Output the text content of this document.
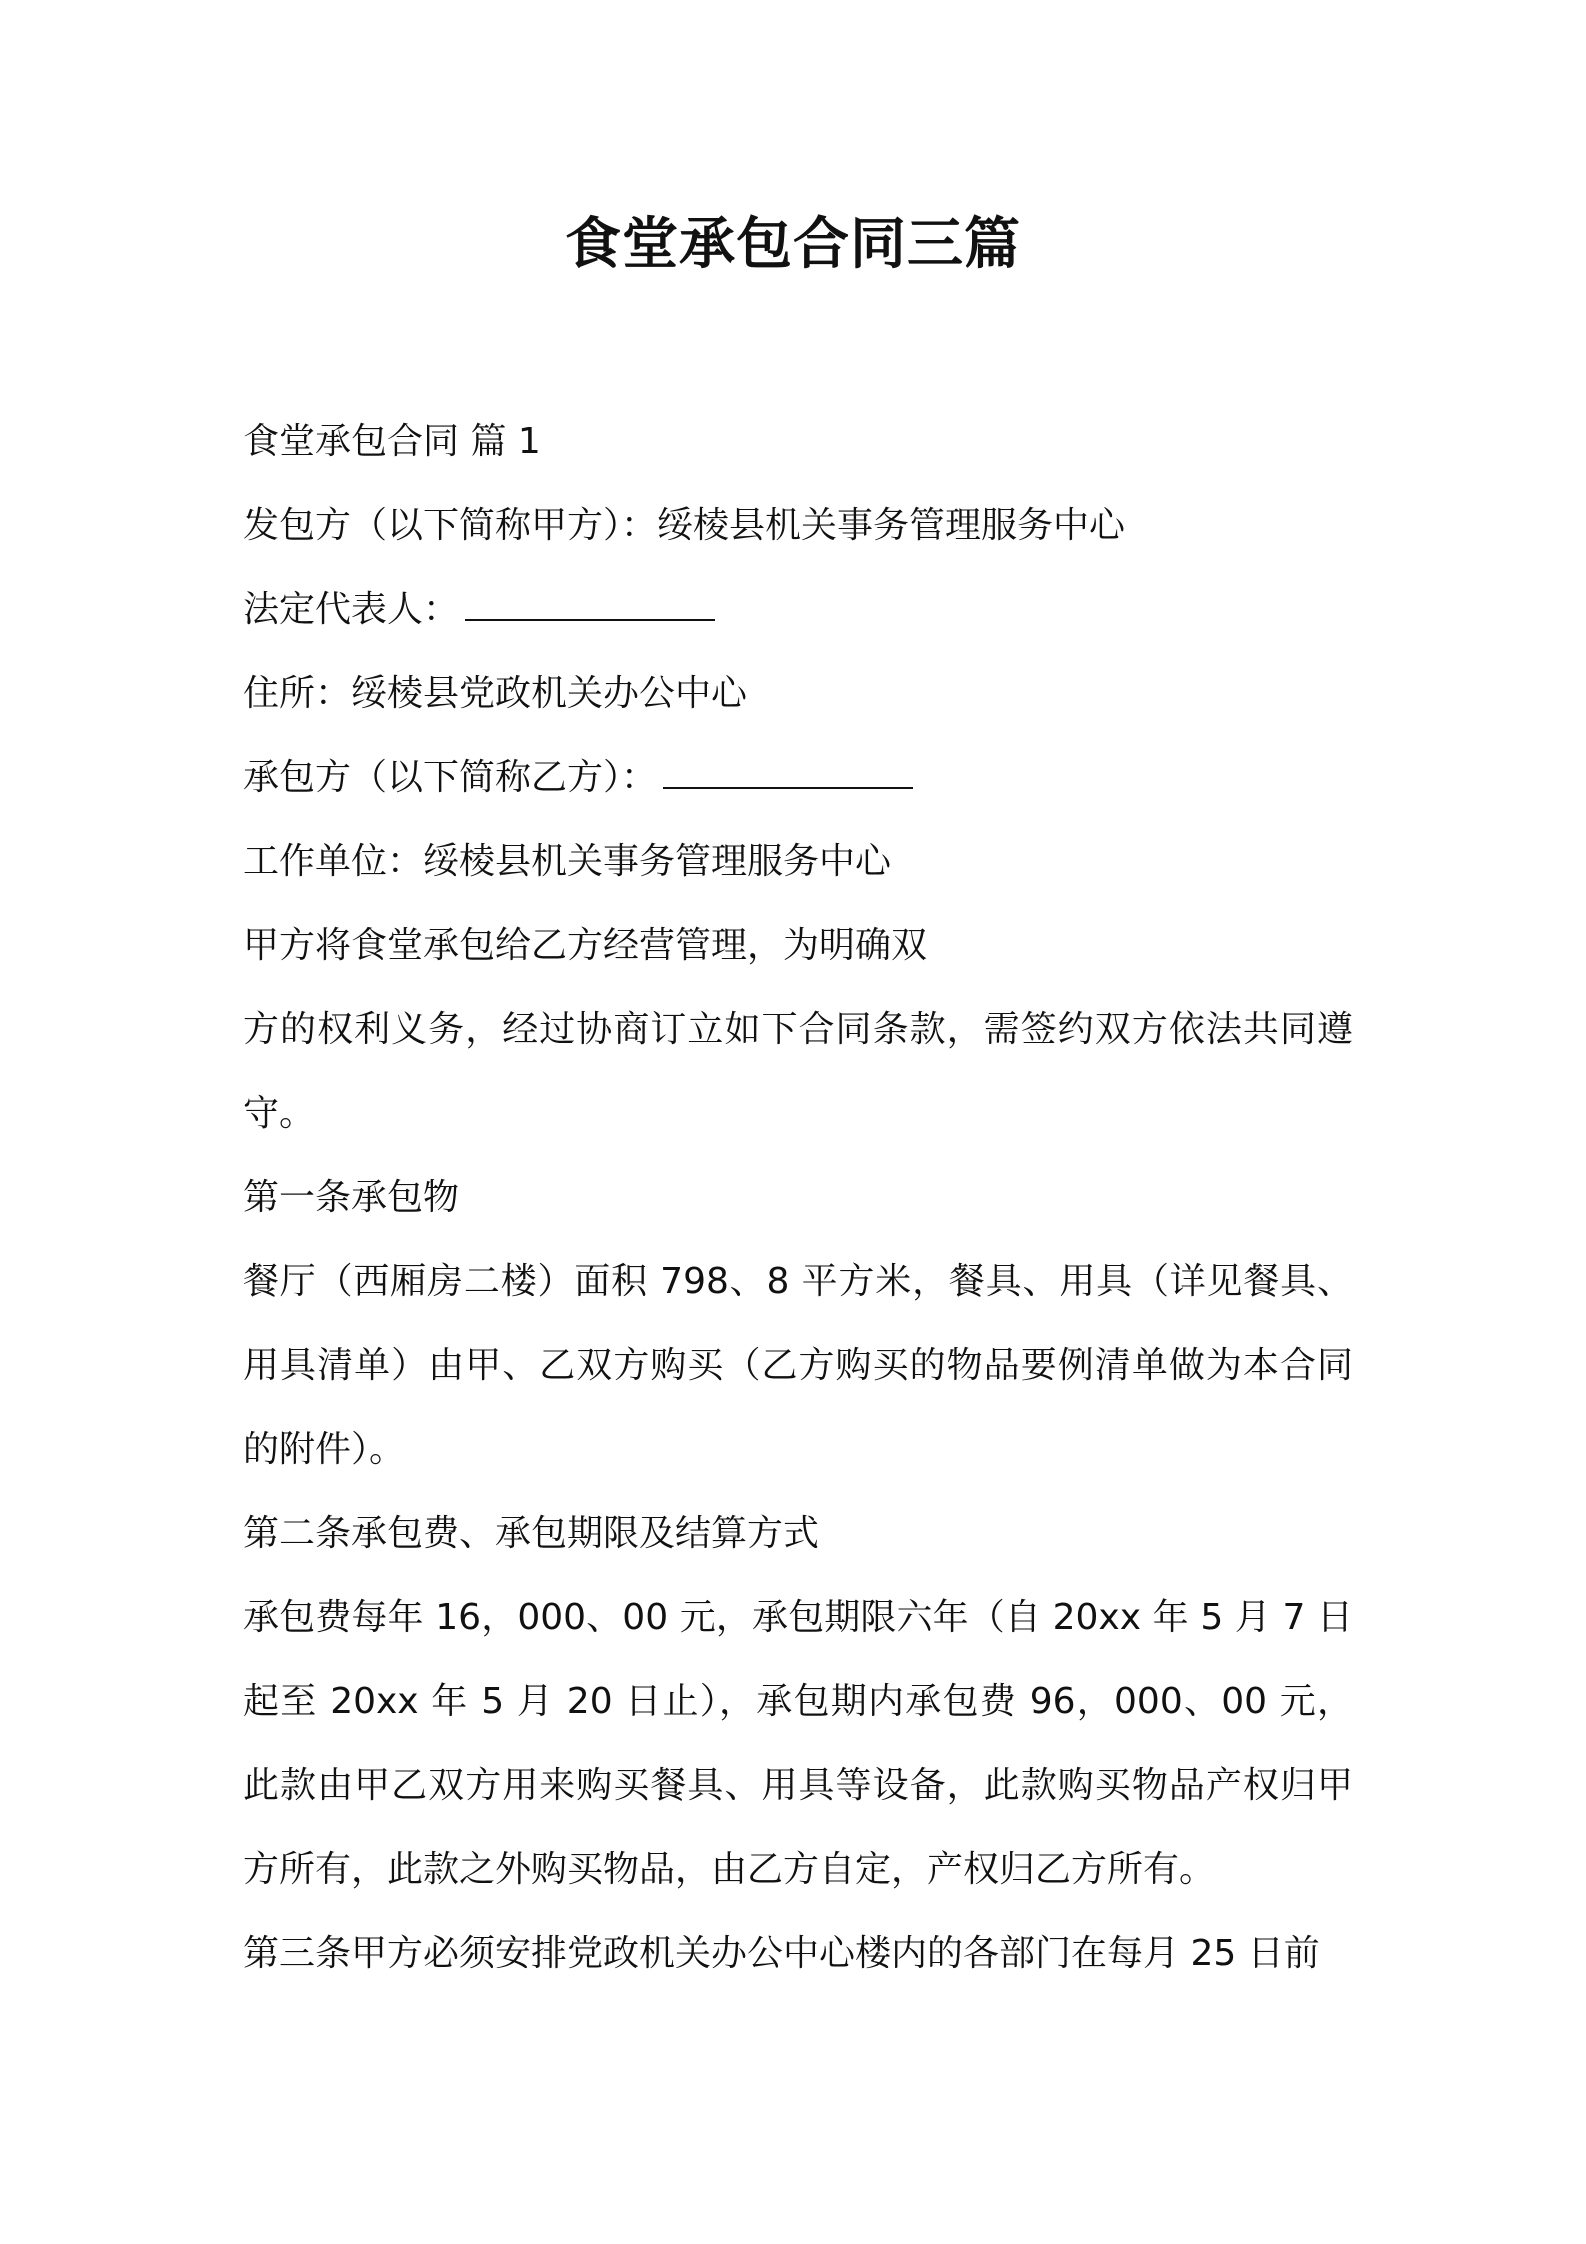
食堂承包合同三篇

食堂承包合同 篇 1

发包方（以下简称甲方）：绥棱县机关事务管理服务中心

法定代表人：

住所：绥棱县党政机关办公中心

承包方（以下简称乙方）：

工作单位：绥棱县机关事务管理服务中心

甲方将食堂承包给乙方经营管理，为明确双

方的权利义务，经过协商订立如下合同条款，需签约双方依法共同遵守。

第一条承包物

餐厅（西厢房二楼）面积 798、8 平方米，餐具、用具（详见餐具、用具清单）由甲、乙双方购买（乙方购买的物品要例清单做为本合同的附件）。

第二条承包费、承包期限及结算方式

承包费每年 16，000、00 元，承包期限六年（自 20xx 年 5 月 7 日起至 20xx 年 5 月 20 日止），承包期内承包费 96，000、00 元，此款由甲乙双方用来购买餐具、用具等设备，此款购买物品产权归甲方所有，此款之外购买物品，由乙方自定，产权归乙方所有。

第三条甲方必须安排党政机关办公中心楼内的各部门在每月 25 日前
